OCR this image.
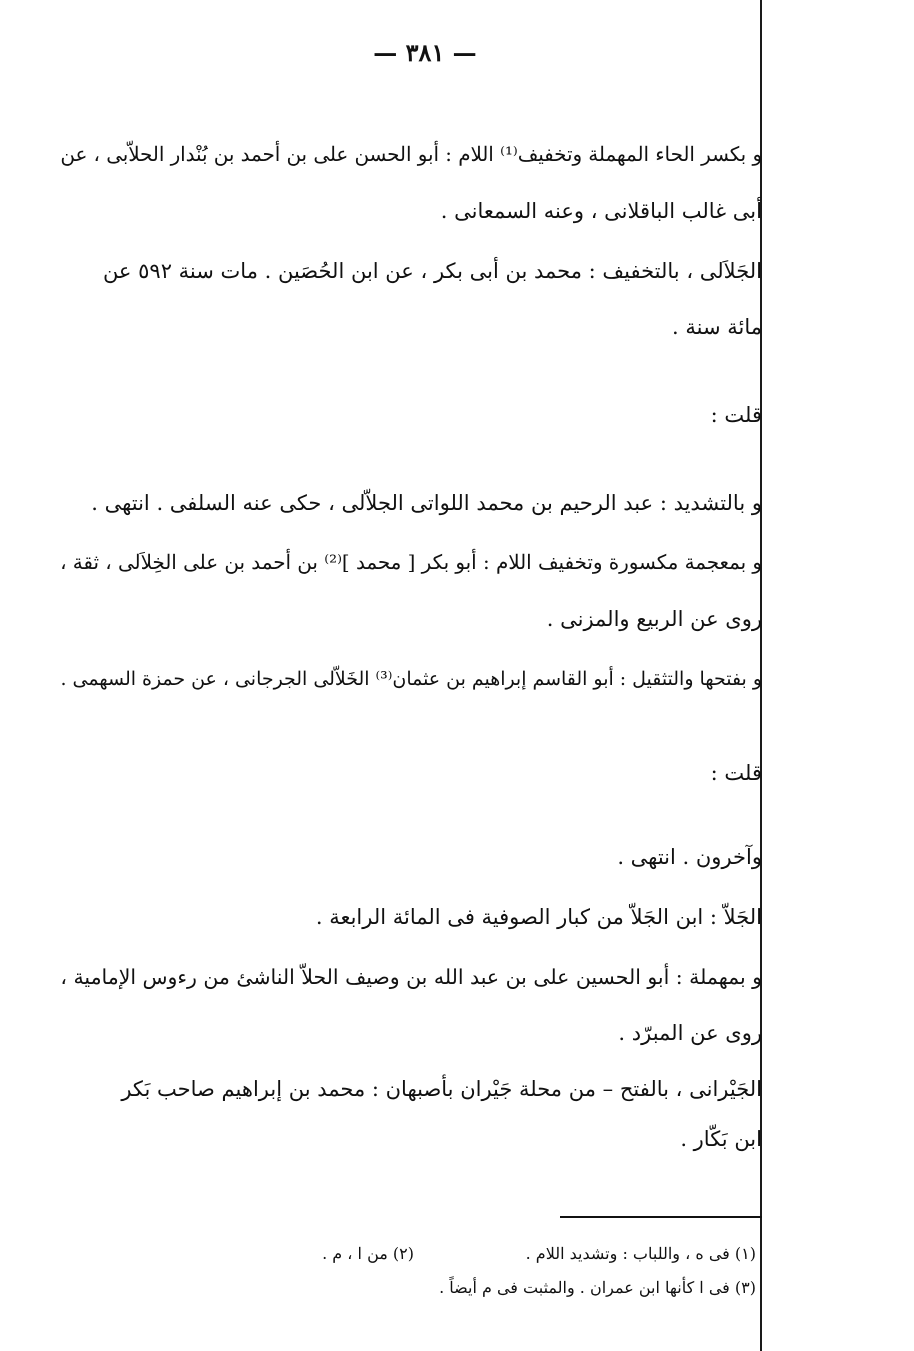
— ٣٨١ —
و بكسر الحاء المهملة وتخفيف⁽¹⁾ اللام : أبو الحسن على بن أحمد بن بُنْدار الحلاّبى ، عن
أبى غالب الباقلانى ، وعنه السمعانى .
الجَلاَلى ، بالتخفيف : محمد بن أبى بكر ، عن ابن الحُصَين . مات سنة ٥٩٢ عن
مائة سنة .
قلت :
و بالتشديد : عبد الرحيم بن محمد اللواتى الجلاّلى ، حكى عنه السلفى . انتهى .
و بمعجمة مكسورة وتخفيف اللام : أبو بكر [ محمد ]⁽²⁾ بن أحمد بن على الخِلاَلى ، ثقة ،
روى عن الربيع والمزنى .
و بفتحها والتثقيل : أبو القاسم إبراهيم بن عثمان⁽³⁾ الخَلاّلى الجرجانى ، عن حمزة السهمى .
قلت :
وآخرون . انتهى .
الجَلاّ : ابن الجَلاّ من كبار الصوفية فى المائة الرابعة .
و بمهملة : أبو الحسين على بن عبد الله بن وصيف الحلاّ الناشئ من رءوس الإمامية ،
روى عن المبرّد .
الجَيْرانى ، بالفتح – من محلة جَيْران بأصبهان : محمد بن إبراهيم صاحب بَكر
ابن بَكّار .
(١) فى ه ، واللباب : وتشديد اللام .
(٢) من ا ، م .
(٣) فى ا كأنها ابن عمران . والمثبت فى م أيضاً .
